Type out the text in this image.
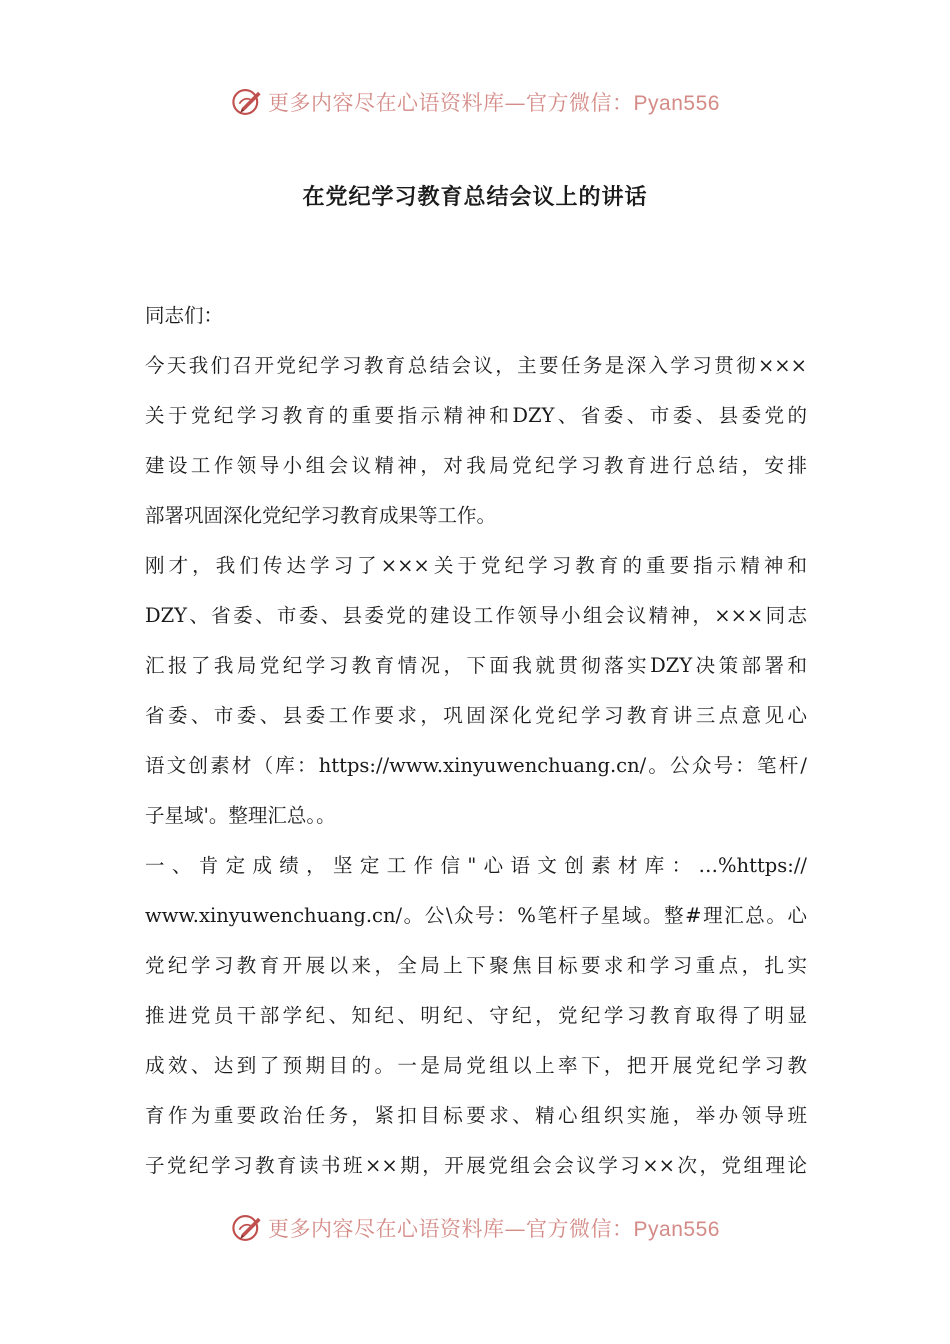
更多内容尽在心语资料库—官方微信：Pyan556
在党纪学习教育总结会议上的讲话
同志们：
今天我们召开党纪学习教育总结会议，主要任务是深入学习贯彻×××
关于党纪学习教育的重要指示精神和DZY、省委、市委、县委党的
建设工作领导小组会议精神，对我局党纪学习教育进行总结，安排
部署巩固深化党纪学习教育成果等工作。
刚才，我们传达学习了×××关于党纪学习教育的重要指示精神和
DZY、省委、市委、县委党的建设工作领导小组会议精神，×××同志
汇报了我局党纪学习教育情况，下面我就贯彻落实DZY决策部署和
省委、市委、县委工作要求，巩固深化党纪学习教育讲三点意见心
语文创素材（库：https://www.xinyuwenchuang.cn/。公众号：笔杆/
子星域'。整理汇总。。
一、肯定成绩，坚定工作信"心语文创素材库：…%https://
www.xinyuwenchuang.cn/。公\众号：%笔杆子星域。整#理汇总。心
党纪学习教育开展以来，全局上下聚焦目标要求和学习重点，扎实
推进党员干部学纪、知纪、明纪、守纪，党纪学习教育取得了明显
成效、达到了预期目的。一是局党组以上率下，把开展党纪学习教
育作为重要政治任务，紧扣目标要求、精心组织实施，举办领导班
子党纪学习教育读书班××期，开展党组会会议学习××次，党组理论
更多内容尽在心语资料库—官方微信：Pyan556
